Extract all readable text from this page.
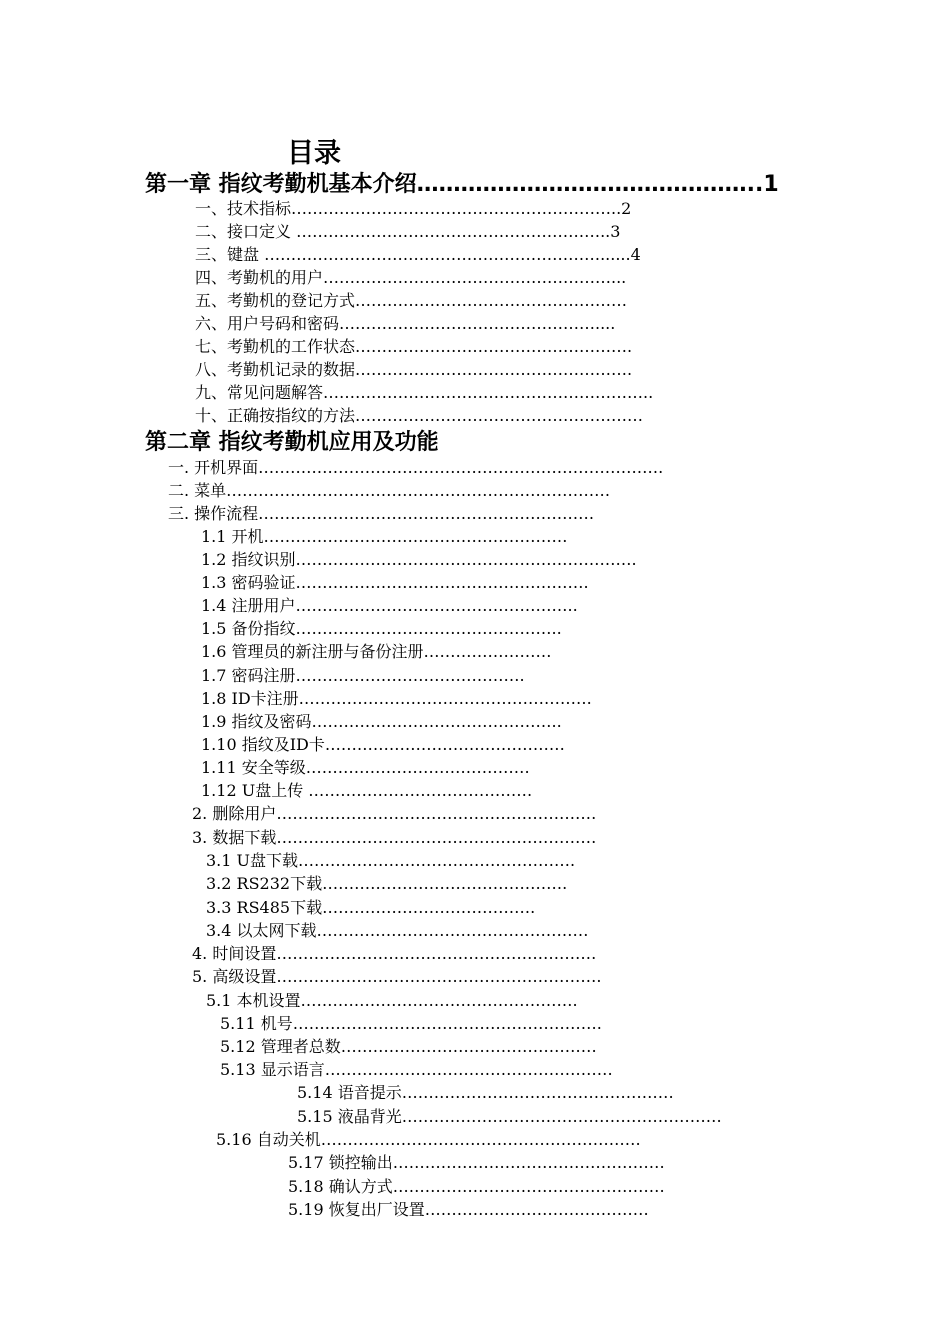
目录
第一章 指纹考勤机基本介绍………………………………………..1
一、技术指标……………………………………………………..2
二、接口定义 …………………………………………………..3
三、键盘 ………………………………………………………......4
四、考勤机的用户………………………………………………...
五、考勤机的登记方式……………………………………………
六、用户号码和密码…………………………………………....
七、考勤机的工作状态…………………………………………….
八、考勤机记录的数据…………………………………………….
九、常见问题解答……………………………………………………..
十、正确按指纹的方法………………………………………………
第二章 指纹考勤机应用及功能
一. 开机界面………………………………………………………………….
二. 菜单………………………………………………………………
三. 操作流程………………………………………………………
1.1 开机…………………………………………………
1.2 指纹识别……………………………………………………….
1.3 密码验证……………………………………………….
1.4 注册用户……………………………………………..
1.5 备份指纹…………………………………………..
1.6 管理员的新注册与备份注册……………………
1.7 密码注册…………………………………….
1.8 ID卡注册……………………………………………….
1.9 指纹及密码………………………………………..
1.10 指纹及ID卡………………………………………
1.11 安全等级……………………………………
1.12 U盘上传 ……………………………………
2. 删除用户……………………………………………………
3. 数据下载……………………………………………………
3.1 U盘下载…………………………………………….
3.2 RS232下载……………………………………….
3.3 RS485下载………………………………….
3.4 以太网下载……………………………………………
4. 时间设置……………………………………………………
5. 高级设置…………………………………………………….
5.1 本机设置…………………………………………….
5.11 机号………………………………………………….
5.12 管理者总数…………………………………………
5.13 显示语言………………………………………………
5.14 语音提示……………………………………………
5.15 液晶背光……………………………………………………
5.16 自动关机……………………………………………………
5.17 锁控输出……………………………………………
5.18 确认方式……………………………………………
5.19 恢复出厂设置……………………………………
